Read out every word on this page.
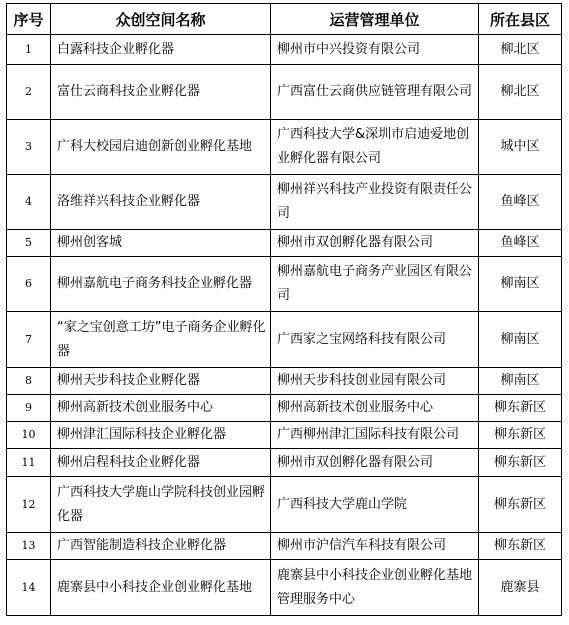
序号	众创空间名称	运营管理单位	所在县区
1	白露科技企业孵化器	柳州市中兴投资有限公司	柳北区
2	富仕云商科技企业孵化器	广西富仕云商供应链管理有限公司	柳北区
3	广科大校园启迪创新创业孵化基地	广西科技大学&深圳市启迪爱地创业孵化器有限公司	城中区
4	洛维祥兴科技企业孵化器	柳州祥兴科技产业投资有限责任公司	鱼峰区
5	柳州创客城	柳州市双创孵化器有限公司	鱼峰区
6	柳州嘉航电子商务科技企业孵化器	柳州嘉航电子商务产业园区有限公司	柳南区
7	“家之宝创意工坊”电子商务企业孵化器	广西家之宝网络科技有限公司	柳南区
8	柳州天步科技企业孵化器	柳州天步科技创业园有限公司	柳南区
9	柳州高新技术创业服务中心	柳州高新技术创业服务中心	柳东新区
10	柳州津汇国际科技企业孵化器	广西柳州津汇国际科技有限公司	柳东新区
11	柳州启程科技企业孵化器	柳州市双创孵化器有限公司	柳东新区
12	广西科技大学鹿山学院科技创业园孵化器	广西科技大学鹿山学院	柳东新区
13	广西智能制造科技企业孵化器	柳州市沪信汽车科技有限公司	柳东新区
14	鹿寨县中小科技企业创业孵化基地	鹿寨县中小科技企业创业孵化基地管理服务中心	鹿寨县
